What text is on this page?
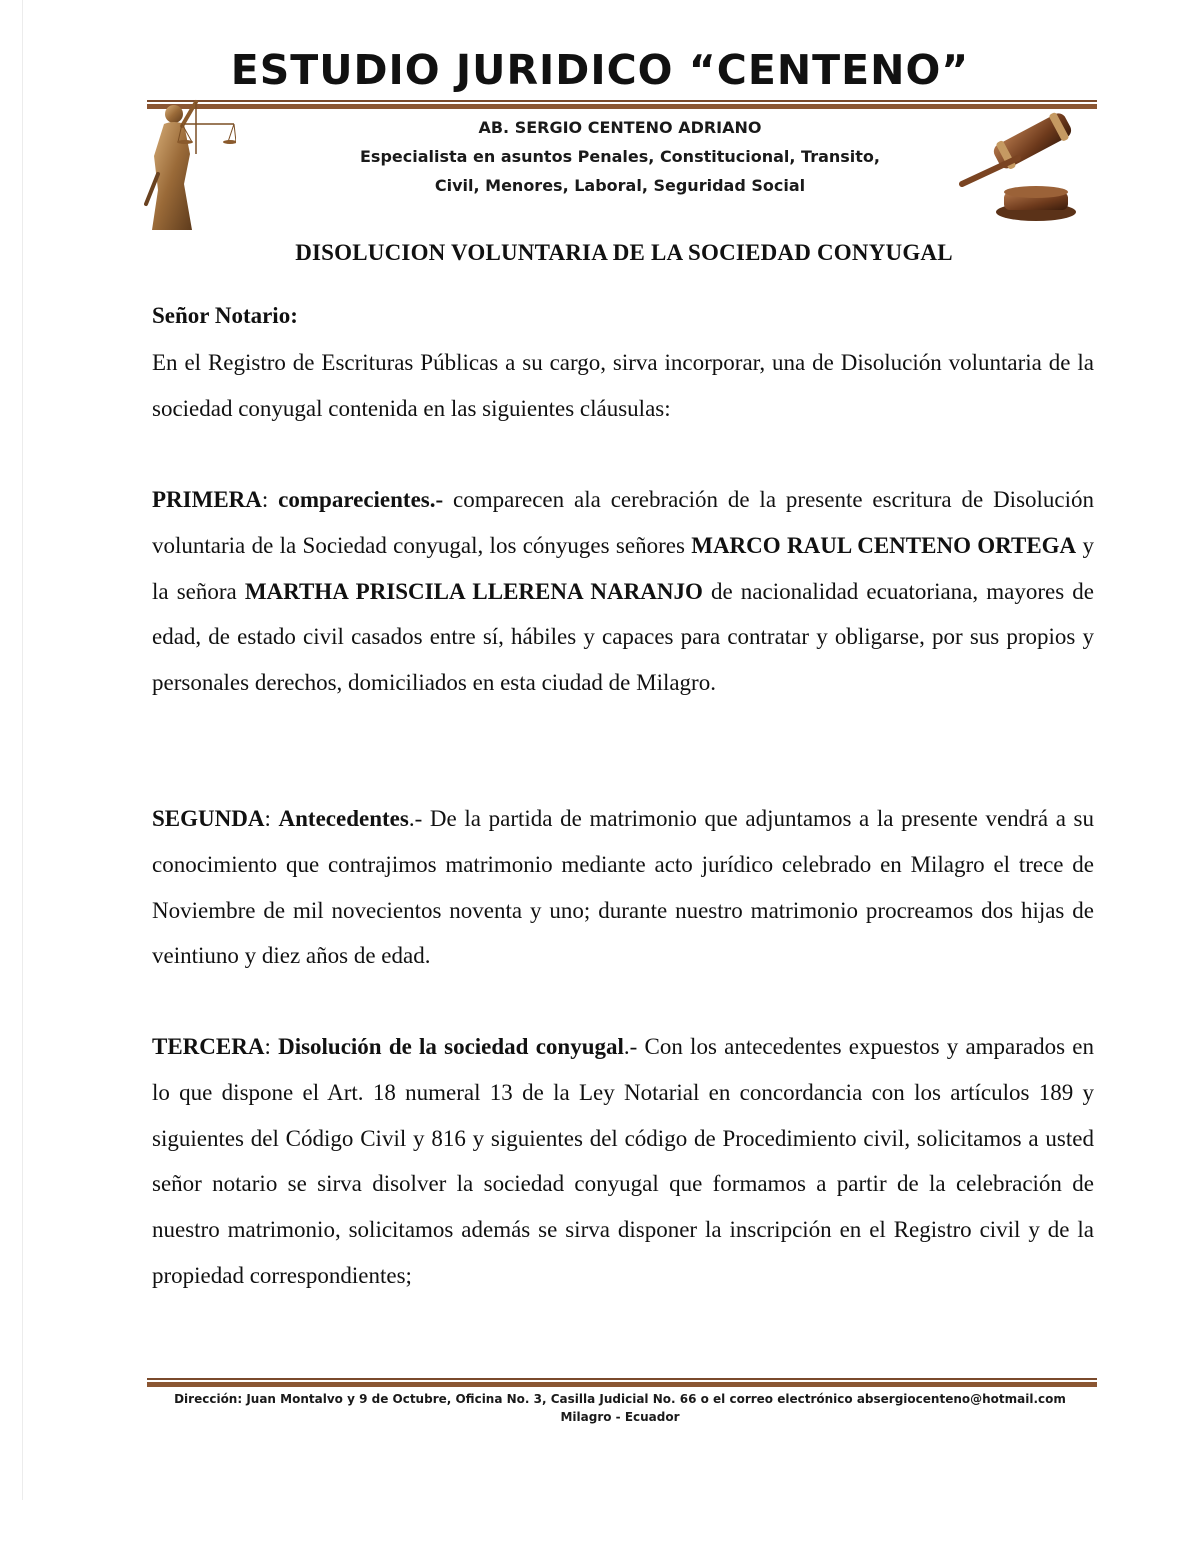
ESTUDIO JURIDICO “CENTENO”
AB. SERGIO CENTENO ADRIANO
Especialista en asuntos Penales, Constitucional, Transito,
Civil, Menores, Laboral, Seguridad Social
DISOLUCION VOLUNTARIA DE LA SOCIEDAD CONYUGAL
Señor Notario:

En el Registro de Escrituras Públicas a su cargo, sirva incorporar, una de Disolución voluntaria de la sociedad conyugal contenida en las siguientes cláusulas:

PRIMERA: comparecientes.- comparecen ala cerebración de la presente escritura de Disolución voluntaria de la Sociedad conyugal, los cónyuges señores MARCO RAUL CENTENO ORTEGA y la señora MARTHA PRISCILA LLERENA NARANJO de nacionalidad ecuatoriana, mayores de edad, de estado civil casados entre sí, hábiles y capaces para contratar y obligarse, por sus propios y personales derechos, domiciliados en esta ciudad de Milagro.

SEGUNDA: Antecedentes.- De la partida de matrimonio que adjuntamos a la presente vendrá a su conocimiento que contrajimos matrimonio mediante acto jurídico celebrado en Milagro el trece de Noviembre de mil novecientos noventa y uno; durante nuestro matrimonio procreamos dos hijas de veintiuno y diez años de edad.

TERCERA: Disolución de la sociedad conyugal.- Con los antecedentes expuestos y amparados en lo que dispone el Art. 18 numeral 13 de la Ley Notarial en concordancia con los artículos 189 y siguientes del Código Civil y 816 y siguientes del código de Procedimiento civil, solicitamos a usted señor notario se sirva disolver la sociedad conyugal que formamos a partir de la celebración de nuestro matrimonio, solicitamos además se sirva disponer la inscripción en el Registro civil y de la propiedad correspondientes;

Dirección: Juan Montalvo y 9 de Octubre, Oficina No. 3, Casilla Judicial No. 66 o el correo electrónico absergiocenteno@hotmail.com
Milagro - Ecuador
